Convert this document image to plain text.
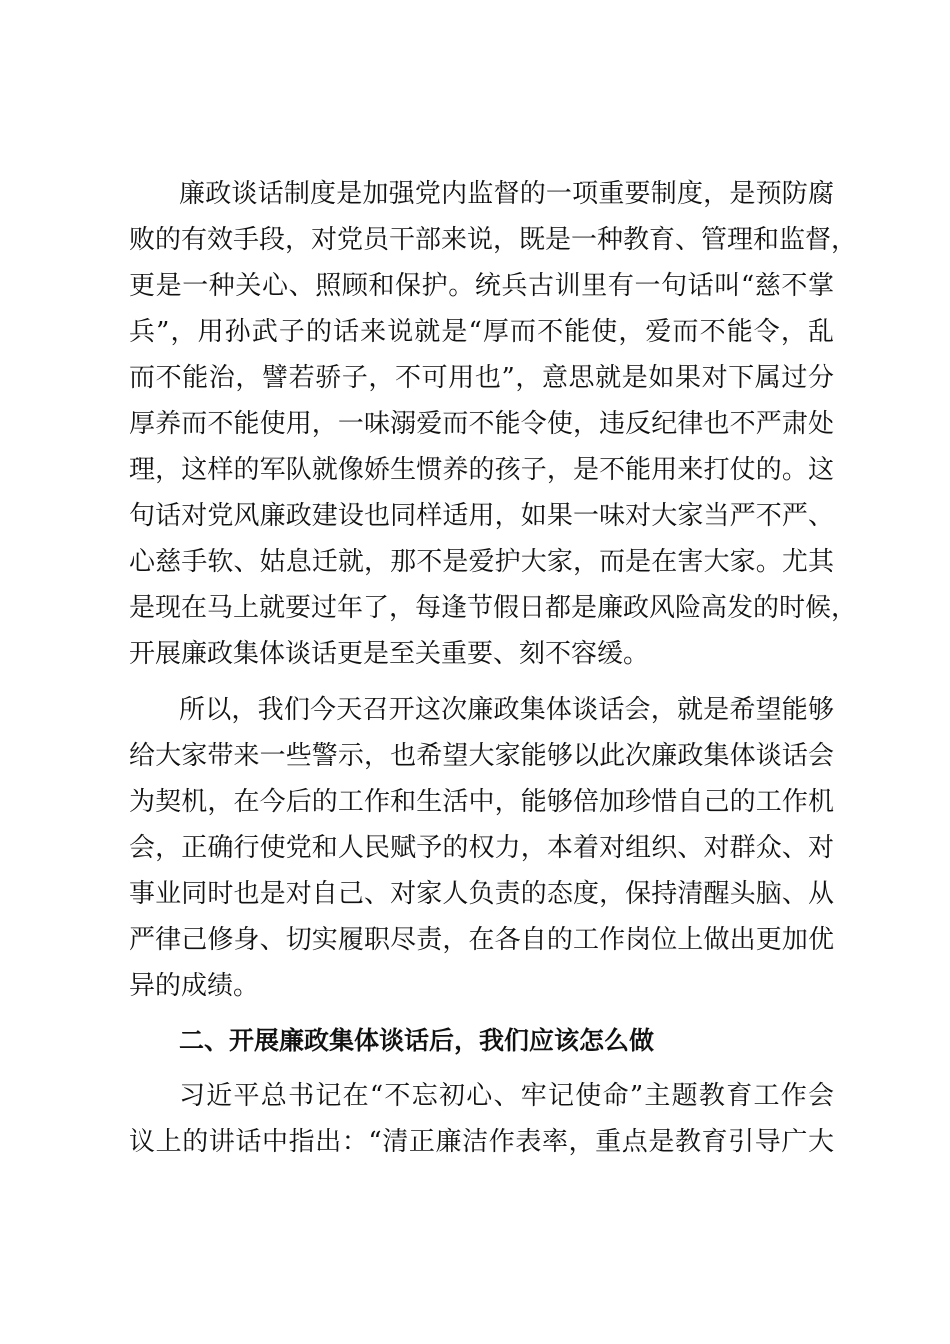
廉政谈话制度是加强党内监督的一项重要制度，是预防腐
败的有效手段，对党员干部来说，既是一种教育、管理和监督，
更是一种关心、照顾和保护。统兵古训里有一句话叫“慈不掌
兵”，用孙武子的话来说就是“厚而不能使，爱而不能令，乱
而不能治，譬若骄子，不可用也”，意思就是如果对下属过分
厚养而不能使用，一味溺爱而不能令使，违反纪律也不严肃处
理，这样的军队就像娇生惯养的孩子，是不能用来打仗的。这
句话对党风廉政建设也同样适用，如果一味对大家当严不严、
心慈手软、姑息迁就，那不是爱护大家，而是在害大家。尤其
是现在马上就要过年了，每逢节假日都是廉政风险高发的时候，
开展廉政集体谈话更是至关重要、刻不容缓。
所以，我们今天召开这次廉政集体谈话会，就是希望能够
给大家带来一些警示，也希望大家能够以此次廉政集体谈话会
为契机，在今后的工作和生活中，能够倍加珍惜自己的工作机
会，正确行使党和人民赋予的权力，本着对组织、对群众、对
事业同时也是对自己、对家人负责的态度，保持清醒头脑、从
严律己修身、切实履职尽责，在各自的工作岗位上做出更加优
异的成绩。
二、开展廉政集体谈话后，我们应该怎么做
习近平总书记在“不忘初心、牢记使命”主题教育工作会
议上的讲话中指出：“清正廉洁作表率，重点是教育引导广大
